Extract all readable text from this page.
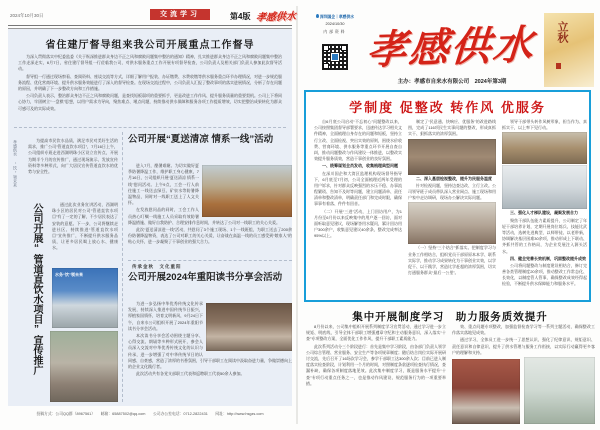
2024年10月30日	交流学习	第4版 孝感供水
省住建厅督导组来我公司开展重点工作督导

为深入贯彻落实中纪委监委《关于纵深推进群众身边不正之风和腐败问题集中整治的通知》精神，扎实推进群众身边不正之风和腐败问题集中整治工作走深走实，6月7日，省住建厅督导组一行莅临我公司，对供水服务重点工作开展专项督导检查，公司负责人及相关部门负责人参加此次督导活动。

督导组一行通过现场察看、查阅资料、座谈交流等方式，详细了解用户报装、办证缴费、水费收缴等供水服务重点环节办理情况，对进一步规范服务流程、优化营商环境、提升供水服务效能进行了深入的督导检查。在现场交流过程中，公司负责人汇报了整改事项的落实进展情况，分析了存在问题的原因，并明确了下一步整改方向和工作措施。

公司负责人表示，整治群众身边不正之风和腐败问题，是查找短板弱项的重要抓手，更是改进工作作风、提升服务质量的重要契机。公司上下将同心协力，牢固树立“一盘棋”思想，以用户需求为导向，聚焦难点、堵点问题，持续推动供水保障和服务各项工作提质增效，切实把整治成果转化为群众可感可及的实际成效。

孝感供水 “饮”领未来	为提高市民饮水品质，满足市民对美好生活的需求，推广公司“管道直饮水项目”，7月16日上午，公司组织专班走进西湖明珠小区设立宣传点，开展为期半个月的宣传推广，通过现场演示、发放宣传资料等多种形式，向广大居民宣传管道直饮水的优势与安全性。

公司开展“管道直饮水项目”宣传推广	通过此次业务宣讲活动，西湖明珠小区的居民对公司“管道直饮水项目”有了一定的了解，不少居民表达了安装的意愿。下一步，公司将继续走进社区、持续推进“管道直饮水项目”宣传推广，不断提升供水服务品质，让更多居民喝上放心水、健康水。

水务“饮”领未来
公司开展“夏送清凉 情系一线”活动

进入7月，酷暑难耐。为切实做好夏季防暑降温工作，维护职工身心健康，7月16日，公司组织开展“夏送清凉 情系一线”慰问活动。上午9点，工会一行人前往施工一线送去绿豆、矿泉水等防暑降温物品，同时对一线职工送上了人文关怀。

在发放慰问品的同时，工会工作人员热心叮嘱一线施工人员采取有效防暑降温措施、做好自我防护、合理安排作息时间，并转达了公司对一线职工的关心关爱。

此次“夏送清凉进一线”活动，共慰问了3个施工现场、1个一线班组，为职工送去了200余份防暑降温物资，表达了公司对职工的关心关爱，让奋战在高温一线的员工感受到“娘家人”的贴心关怀，进一步凝聚了干事创业的强大合力。

传承金秋　文化重阳
公司开展2024年重阳读书分享会活动

为进一步弘扬中华优秀传统文化传承发展，持续深入推进中国传统节日振兴，厚植家国情怀，培育文明新风，9月24日下午，自来水公司组织开展了2024年重阳节读书分享会活动。

本次读书分享会活动围绕主题分享、心得交流、朗诵等多种形式展开，参会人员深入交流对中华优秀传统文化的认识与传承，进一步增强了对中华传统节日的认同感、自豪感，营造了浓厚的书香氛围，引导干部职工在阅读中汲取奋进力量，争做崇德向上的企业文化践行者。

此次活动共有各党支部职工代表和返聘职工代表50余人参加。

投稿方式：公司QQ群（8967561）　　邮箱：65887502@qq.com　　公司办公室电话：0712-2822431　　网址：http://www.hsgzs.com
深圳国企｜孝感供水
2024/10/30
内部资料 孝感供水
主办：孝感市自来水有限公司　2024年第3期
立秋
学制度 促整改 转作风 优服务

自6月底公司启动“不忘初心”问题整改以来，公司按照集团督导部署要求，迅速传达学习相关文件精神，全面梳理自身存在的问题和短板，坚持立行立改、全面检视、突出实效的原则，围绕水价收费、营商环境、供水服务等重点环节开展自查自纠，推动问题整改与作风建设一体推进，以整改实效提升服务质效，营造干事创业的良好氛围。

一、统筹谋划全员发动，收集梳理典型问题

在深川国企和大湾区监理机构现场督导指导下，6月底至7月初，公司全面梳理近两年受理的用户诉求，针对群众反映强烈的水压不稳、办事流程繁琐、告知不及时等问题，建立问题清单、责任清单和整改清单，明确责任部门和完成时限，确保事事有着落、件件有回音。

（二）开展“三进”活动，上门回访用户，为1月份至6月份以来反映集中的用户逐一回访，面对面听取意见建议，现场解答用水疑问，累计回访用户300余户，收集意见建议40余条，整改完成率达95%以上。

制定了“民意通、快响应、优服务”的改进路线图，完成了116项民生实事问题的整改，形成真抓实干、狠抓落实的浓厚氛围。

二、深入基层检视整改，提升为民服务温度

针对检视问题，坚持边查边改、立行立改。公司领导班子成员带队深入营业网点、施工现场和用户家中走访调研，现场办公解决实际问题。

（一）坚持“三个结合”抓落实。把制度学习与业务工作相结合，组织党员干部原原本本学、联系实际学，推动学习成果转化为干事创业实效，以学促干、以干践学，营造比学赶超的浓厚氛围，切实打通服务群众“最后一公里”。

领导干部带头转作风树形象，担当作为、真抓实干，以上率下见行动。

三、强化人才梯队建设，凝聚发展合力

聚焦干部队伍能力素质提升，公司制定了年轻干部培养计划，定期开展岗位练兵、技能比武等活动，选树先进典型，以师带徒、以老带新，协调解决基层困难30余项，推动形成上下联动、齐抓共管的工作格局，为企业发展注入源头活水。

四、健全完善长效机制，巩固整改提升成效

公司将问题整改与制度建设相结合，修订完善各类管理制度20余项，推动整改工作常态化、长效化，以制度管人管事，确保整改成效经得起检验，不断提升供水保障能力和服务水平。

集中开展制度学习　助力服务质效提升

8月份以来，公司集中组织开展系列制度学习宣贯活动，通过学习进一步立规矩、明底线，引导全体干部职工增强遵章守纪和主动服务意识，深入落实“十查”专项整改方案，全面优化工作作风，提升干部职工素质能力。

此次系列活动分三个阶段进行：首先是集中学习阶段，由各部门负责人领学公司综合管理、营业服务、安全生产等各项规章制度；随后结合岗位实际开展研讨交流，先后召开了16场次学习会，参学干部职工达300余人次；目前已进入制度落实检查阶段，计划利用一个月的时间，对照制度条款逐项检查执行情况，查漏补缺，确保各项制度落地见效。此次集中制度学习，既是服务水平提升“十查”专项行动重点任务之一，也是推动作风建设、规范服务行为的一项重要举措。

效、重点问题专项整改，加强监督检查学习等一系列主题活动，确保整改工作落实落地见成效。

通过学习，全体员工进一步统一了思想认识，强化了纪律意识、规矩意识、责任意识和自律意识，提升了供水管理与服务工作衔接，以实际行动赢得更多客户的理解和支持。
